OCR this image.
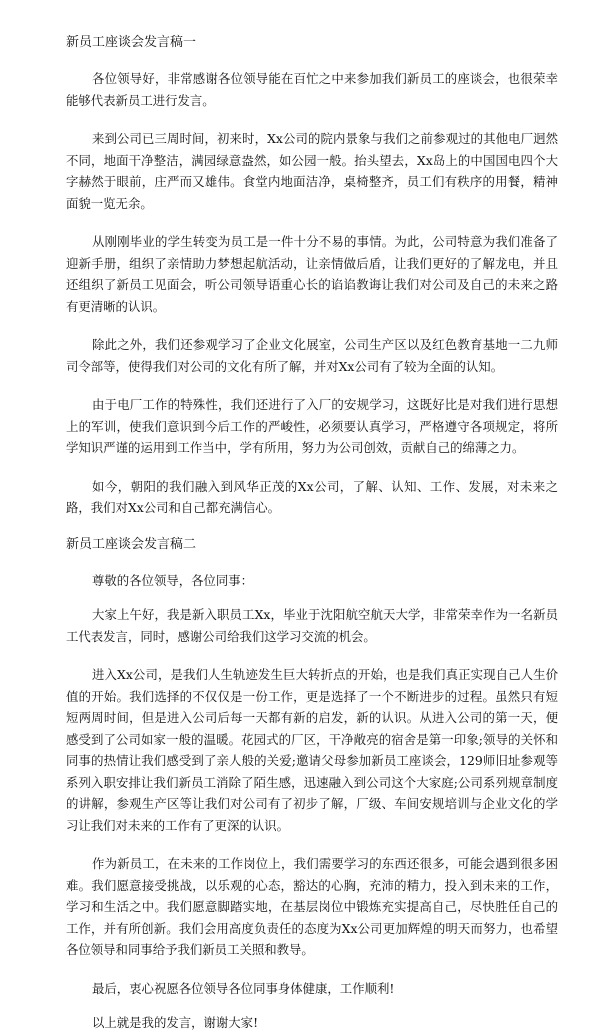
新员工座谈会发言稿一

各位领导好，非常感谢各位领导能在百忙之中来参加我们新员工的座谈会，也很荣幸能够代表新员工进行发言。

来到公司已三周时间，初来时，Xx公司的院内景象与我们之前参观过的其他电厂迥然不同，地面干净整洁，满园绿意盎然，如公园一般。抬头望去，Xx岛上的中国国电四个大字赫然于眼前，庄严而又雄伟。食堂内地面洁净，桌椅整齐，员工们有秩序的用餐，精神面貌一览无余。

从刚刚毕业的学生转变为员工是一件十分不易的事情。为此，公司特意为我们准备了迎新手册，组织了亲情助力梦想起航活动，让亲情做后盾，让我们更好的了解龙电，并且还组织了新员工见面会，听公司领导语重心长的谄谄教诲让我们对公司及自己的未来之路有更清晰的认识。

除此之外，我们还参观学习了企业文化展室，公司生产区以及红色教育基地一二九师司令部等，使得我们对公司的文化有所了解，并对Xx公司有了较为全面的认知。

由于电厂工作的特殊性，我们还进行了入厂的安规学习，这既好比是对我们进行思想上的军训，使我们意识到今后工作的严峻性，必须要认真学习，严格遵守各项规定，将所学知识严谨的运用到工作当中，学有所用，努力为公司创效，贡献自己的绵薄之力。

如今，朝阳的我们融入到风华正茂的Xx公司，了解、认知、工作、发展，对未来之路，我们对Xx公司和自己都充满信心。

新员工座谈会发言稿二

尊敬的各位领导，各位同事：

大家上午好，我是新入职员工Xx，毕业于沈阳航空航天大学，非常荣幸作为一名新员工代表发言，同时，感谢公司给我们这学习交流的机会。

进入Xx公司，是我们人生轨迹发生巨大转折点的开始，也是我们真正实现自己人生价值的开始。我们选择的不仅仅是一份工作，更是选择了一个不断进步的过程。虽然只有短短两周时间，但是进入公司后每一天都有新的启发，新的认识。从进入公司的第一天，便感受到了公司如家一般的温暖。花园式的厂区，干净敞亮的宿舍是第一印象;领导的关怀和同事的热情让我们感受到了亲人般的关爱;邀请父母参加新员工座谈会，129师旧址参观等系列入职安排让我们新员工消除了陌生感，迅速融入到公司这个大家庭;公司系列规章制度的讲解，参观生产区等让我们对公司有了初步了解，厂级、车间安规培训与企业文化的学习让我们对未来的工作有了更深的认识。

作为新员工，在未来的工作岗位上，我们需要学习的东西还很多，可能会遇到很多困难。我们愿意接受挑战，以乐观的心态，豁达的心胸，充沛的精力，投入到未来的工作，学习和生活之中。我们愿意脚踏实地，在基层岗位中锻炼充实提高自己，尽快胜任自己的工作，并有所创新。我们会用高度负责任的态度为Xx公司更加辉煌的明天而努力，也希望各位领导和同事给予我们新员工关照和教导。

最后，衷心祝愿各位领导各位同事身体健康，工作顺利!

以上就是我的发言，谢谢大家!
